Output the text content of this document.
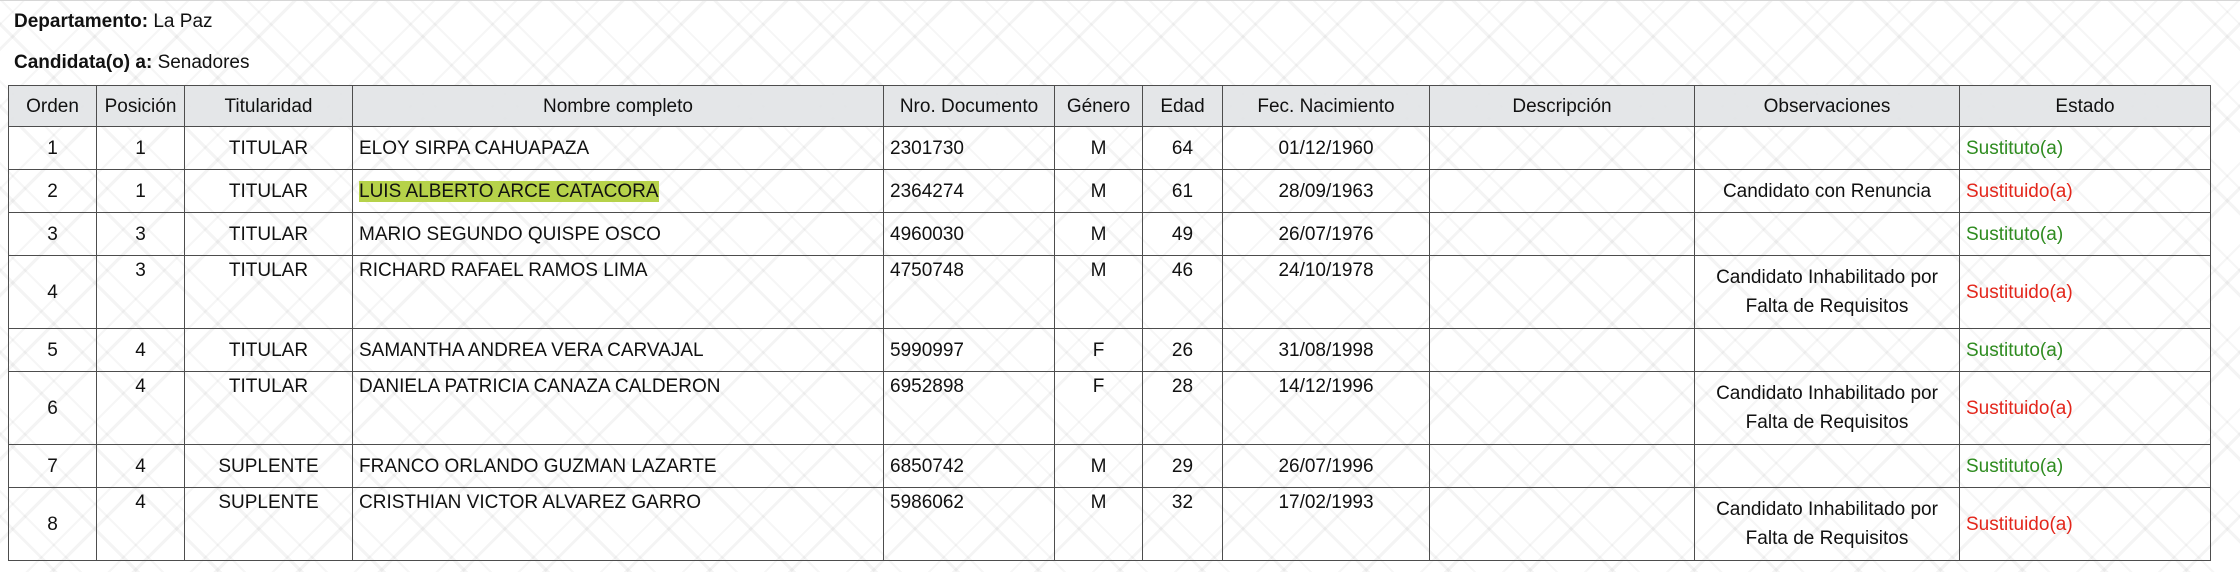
Departamento: La Paz
Candidata(o) a: Senadores
Orden	Posición	Titularidad	Nombre completo	Nro. Documento	Género	Edad	Fec. Nacimiento	Descripción	Observaciones	Estado
1	1	TITULAR	ELOY SIRPA CAHUAPAZA	2301730	M	64	01/12/1960			Sustituto(a)
2	1	TITULAR	LUIS ALBERTO ARCE CATACORA	2364274	M	61	28/09/1963		Candidato con Renuncia	Sustituido(a)
3	3	TITULAR	MARIO SEGUNDO QUISPE OSCO	4960030	M	49	26/07/1976			Sustituto(a)
4	3	TITULAR	RICHARD RAFAEL RAMOS LIMA	4750748	M	46	24/10/1978		Candidato Inhabilitado por Falta de Requisitos	Sustituido(a)
5	4	TITULAR	SAMANTHA ANDREA VERA CARVAJAL	5990997	F	26	31/08/1998			Sustituto(a)
6	4	TITULAR	DANIELA PATRICIA CANAZA CALDERON	6952898	F	28	14/12/1996		Candidato Inhabilitado por Falta de Requisitos	Sustituido(a)
7	4	SUPLENTE	FRANCO ORLANDO GUZMAN LAZARTE	6850742	M	29	26/07/1996			Sustituto(a)
8	4	SUPLENTE	CRISTHIAN VICTOR ALVAREZ GARRO	5986062	M	32	17/02/1993		Candidato Inhabilitado por Falta de Requisitos	Sustituido(a)
